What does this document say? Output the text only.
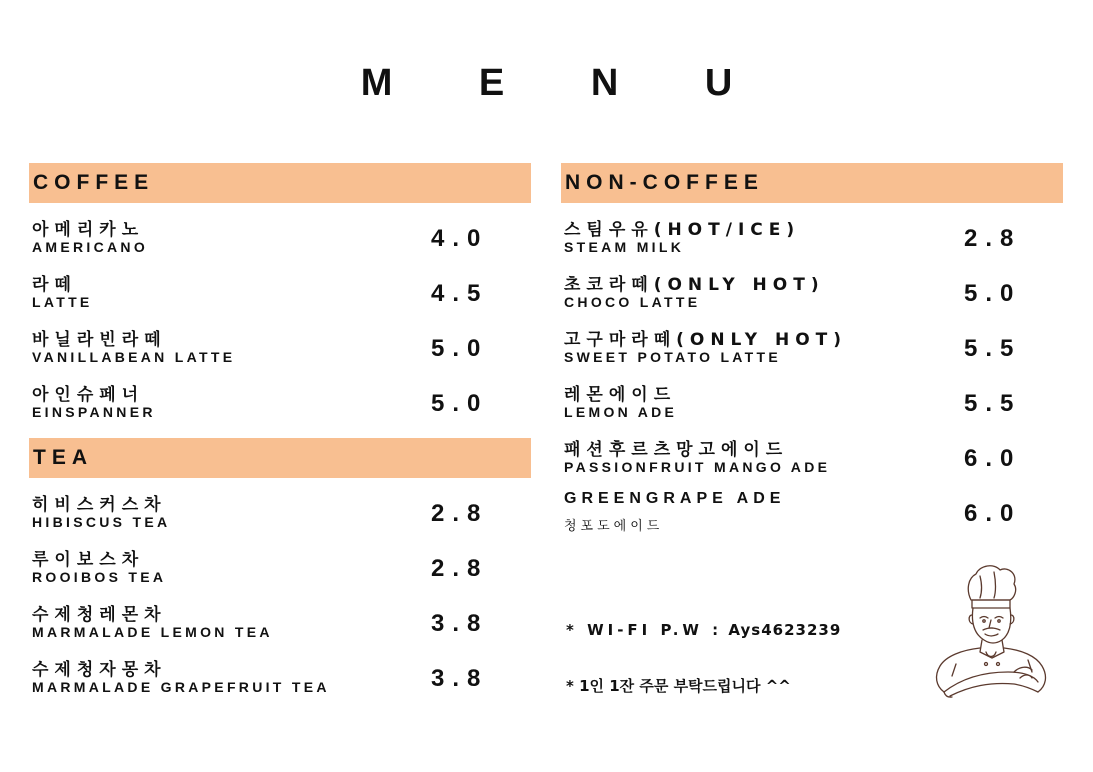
M E N U
COFFEE
아메리카노
AMERICANO	4.0
라떼
LATTE	4.5
바닐라빈라떼
VANILLABEAN LATTE	5.0
아인슈페너
EINSPANNER	5.0
TEA
히비스커스차
HIBISCUS TEA	2.8
루이보스차
ROOIBOS TEA	2.8
수제청레몬차
MARMALADE LEMON TEA	3.8
수제청자몽차
MARMALADE GRAPEFRUIT TEA	3.8
NON-COFFEE
스팀우유(HOT/ICE)
STEAM MILK	2.8
초코라떼(ONLY HOT)
CHOCO LATTE	5.0
고구마라떼(ONLY HOT)
SWEET POTATO LATTE	5.5
레몬에이드
LEMON ADE	5.5
패션후르츠망고에이드
PASSIONFRUIT MANGO ADE	6.0
GREENGRAPE ADE
청포도에이드	6.0
* WI-FI P.W : Ays4623239
* 1인 1잔 주문 부탁드립니다 ^^
